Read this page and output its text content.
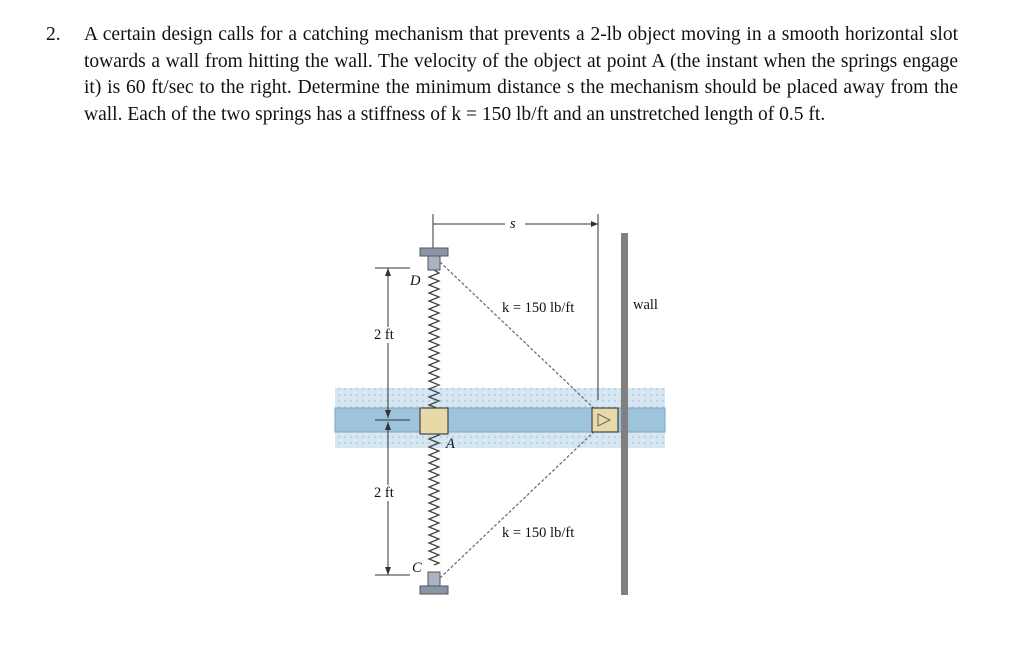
2. A certain design calls for a catching mechanism that prevents a 2-lb object moving in a smooth horizontal slot towards a wall from hitting the wall. The velocity of the object at point A (the instant when the springs engage it) is 60 ft/sec to the right. Determine the minimum distance s the mechanism should be placed away from the wall. Each of the two springs has a stiffness of k = 150 lb/ft and an unstretched length of 0.5 ft.
s
D
A
C
k = 150 lb/ft
k = 150 lb/ft
2 ft
2 ft
wall
